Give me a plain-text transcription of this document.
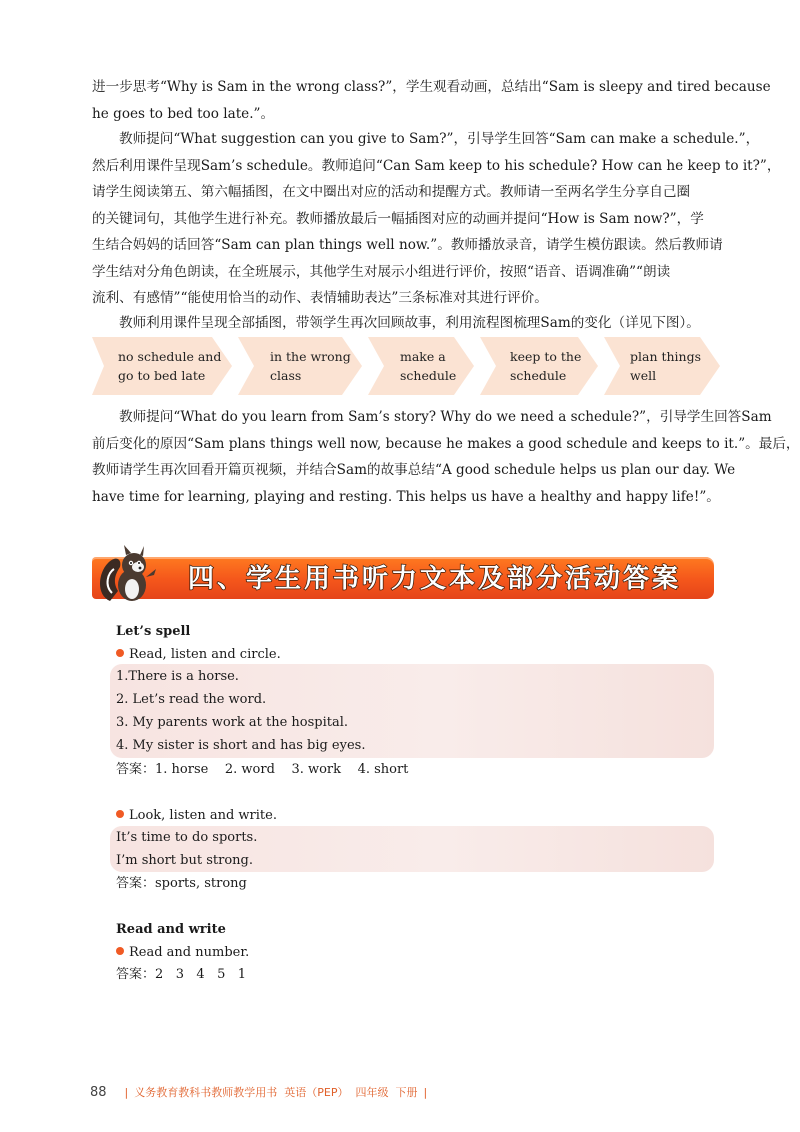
进一步思考“Why is Sam in the wrong class?”，学生观看动画，总结出“Sam is sleepy and tired because
he goes to bed too late.”。

教师提问“What suggestion can you give to Sam?”，引导学生回答“Sam can make a schedule.”，
然后利用课件呈现Sam’s schedule。教师追问“Can Sam keep to his schedule? How can he keep to it?”，
请学生阅读第五、第六幅插图，在文中圈出对应的活动和提醒方式。教师请一至两名学生分享自己圈
的关键词句，其他学生进行补充。教师播放最后一幅插图对应的动画并提问“How is Sam now?”，学
生结合妈妈的话回答“Sam can plan things well now.”。教师播放录音，请学生模仿跟读。然后教师请
学生结对分角色朗读，在全班展示，其他学生对展示小组进行评价，按照“语音、语调准确”“朗读
流利、有感情”“能使用恰当的动作、表情辅助表达”三条标准对其进行评价。

教师利用课件呈现全部插图，带领学生再次回顾故事，利用流程图梳理Sam的变化（详见下图）。

no schedule and
go to bed late
in the wrong
class
make a
schedule
keep to the
schedule
plan things
well

教师提问“What do you learn from Sam’s story? Why do we need a schedule?”，引导学生回答Sam
前后变化的原因“Sam plans things well now, because he makes a good schedule and keeps to it.”。最后，
教师请学生再次回看开篇页视频，并结合Sam的故事总结“A good schedule helps us plan our day. We
have time for learning, playing and resting. This helps us have a healthy and happy life!”。

四、学生用书听力文本及部分活动答案
Let’s spell
Read, listen and circle.
1.There is a horse.
2. Let’s read the word.
3. My parents work at the hospital.
4. My sister is short and has big eyes.
答案：1. horse 2. word 3. work 4. short
Look, listen and write.
It’s time to do sports.
I’m short but strong.
答案：sports, strong
Read and write
Read and number.
答案：2 3 4 5 1
88 | 义务教育教科书教师教学用书 英语（PEP） 四年级 下册 |
